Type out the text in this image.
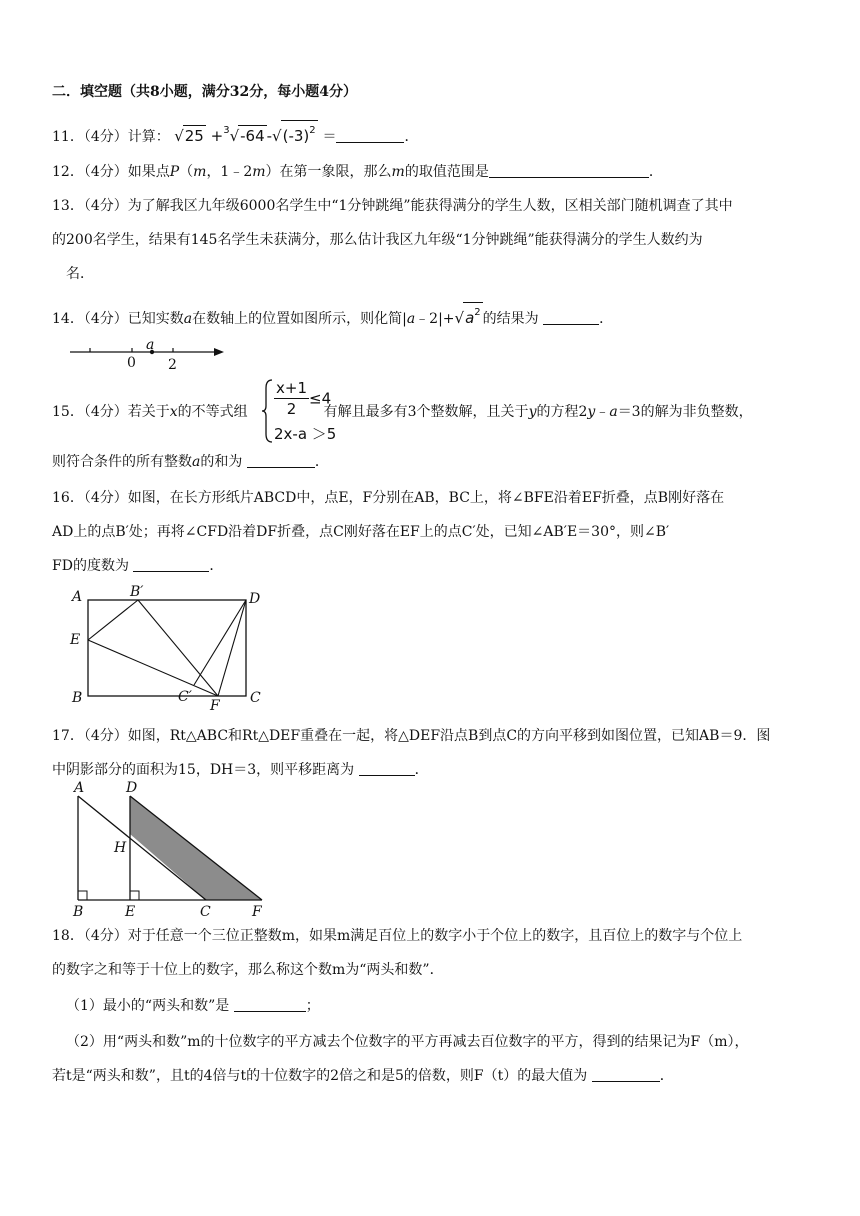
二．填空题（共8小题，满分32分，每小题4分）
11．（4分）计算： √25 +$^3$√-64 $-√(-3)^2$ ＝	．
12．（4分）如果点P（m，1﹣2m）在第一象限，那么m的取值范围是	．
13．（4分）为了解我区九年级6000名学生中“1分钟跳绳”能获得满分的学生人数，区相关部门随机调查了其中
的200名学生，结果有145名学生未获满分，那么估计我区九年级“1分钟跳绳”能获得满分的学生人数约为
名．
14．（4分）已知实数a在数轴上的位置如图所示，则化简$|a﹣2|+√a^2$ 的结果为	．
0
a
2
15．（4分）若关于x的不等式组	有解且最多有3个整数解，且关于y的方程2y﹣a＝3的解为非负整数，
$\frac{x+1}{2} \le 4$
2x-a ＞5
则符合条件的所有整数a的和为	．
16．（4分）如图，在长方形纸片ABCD中，点E，F分别在AB，BC上，将∠BFE沿着EF折叠，点B刚好落在
AD上的点B′处；再将∠CFD沿着DF折叠，点C刚好落在EF上的点C′处，已知∠AB′E＝30°，则∠B′
FD的度数为	．
A	B′	D
E
B	C′
F C
17．（4分）如图，Rt△ABC和Rt△DEF重叠在一起，将△DEF沿点B到点C的方向平移到如图位置，已知AB＝9．图
中阴影部分的面积为15，DH＝3，则平移距离为	．
A	D
H
B	E	C	F
18．（4分）对于任意一个三位正整数m，如果m满足百位上的数字小于个位上的数字，且百位上的数字与个位上
的数字之和等于十位上的数字，那么称这个数m为“两头和数”．
（1）最小的“两头和数”是	；
（2）用“两头和数”m的十位数字的平方减去个位数字的平方再减去百位数字的平方，得到的结果记为F（m），
若t是“两头和数”，且t的4倍与t的十位数字的2倍之和是5的倍数，则F（t）的最大值为	．
